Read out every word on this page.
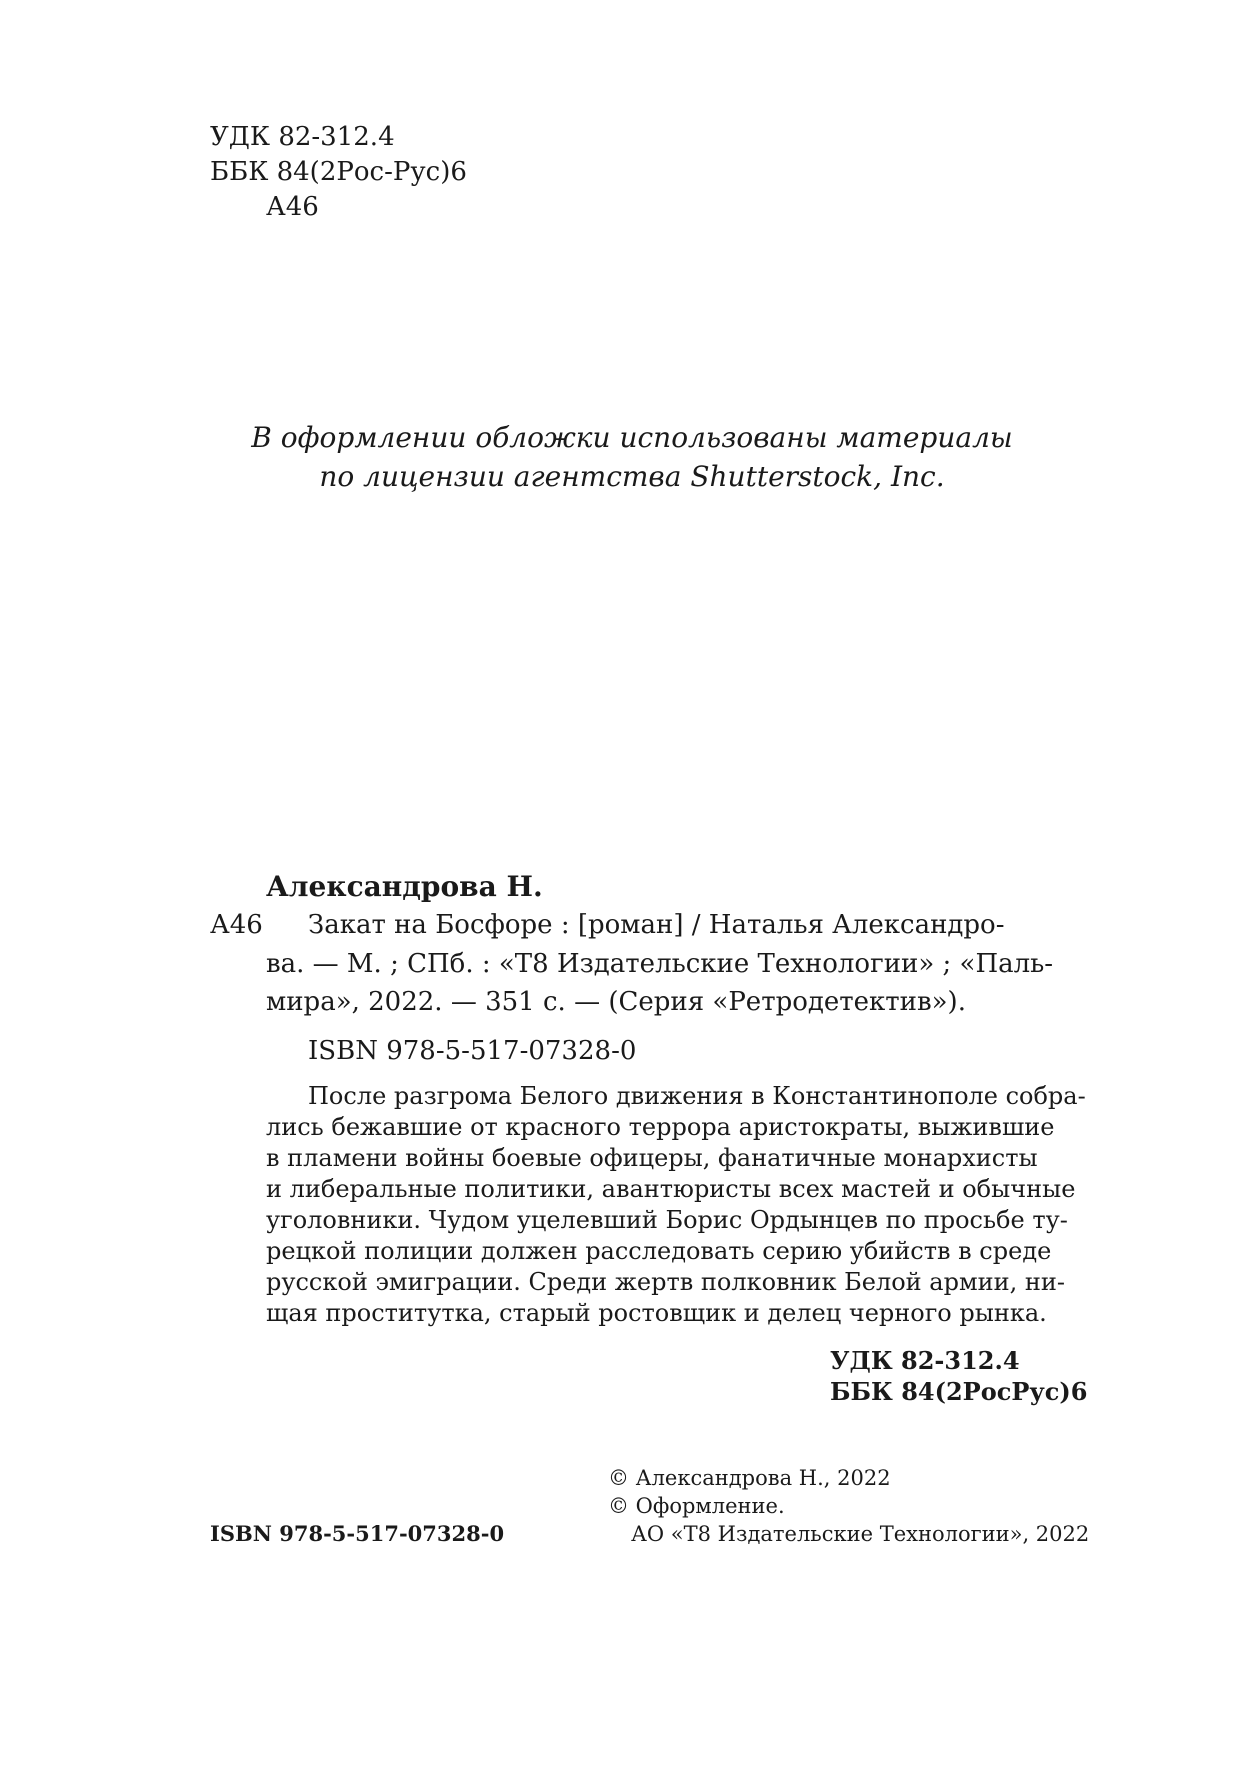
УДК 82-312.4
ББК 84(2Рос-Рус)6
А46
В оформлении обложки использованы материалы
по лицензии агентства Shutterstock, Inc.
Александрова Н.
А46 Закат на Босфоре : [роман] / Наталья Александро-
ва. — М. ; СПб. : «Т8 Издательские Технологии» ; «Паль-
мира», 2022. — 351 с. — (Серия «Ретродетектив»).
ISBN 978-5-517-07328-0
После разгрома Белого движения в Константинополе собра-
лись бежавшие от красного террора аристократы, выжившие
в пламени войны боевые офицеры, фанатичные монархисты
и либеральные политики, авантюристы всех мастей и обычные
уголовники. Чудом уцелевший Борис Ордынцев по просьбе ту-
рецкой полиции должен расследовать серию убийств в среде
русской эмиграции. Среди жертв полковник Белой армии, ни-
щая проститутка, старый ростовщик и делец черного рынка.
УДК 82-312.4
ББК 84(2РосРус)6
© Александрова Н., 2022
© Оформление.
АО «Т8 Издательские Технологии», 2022
ISBN 978-5-517-07328-0
